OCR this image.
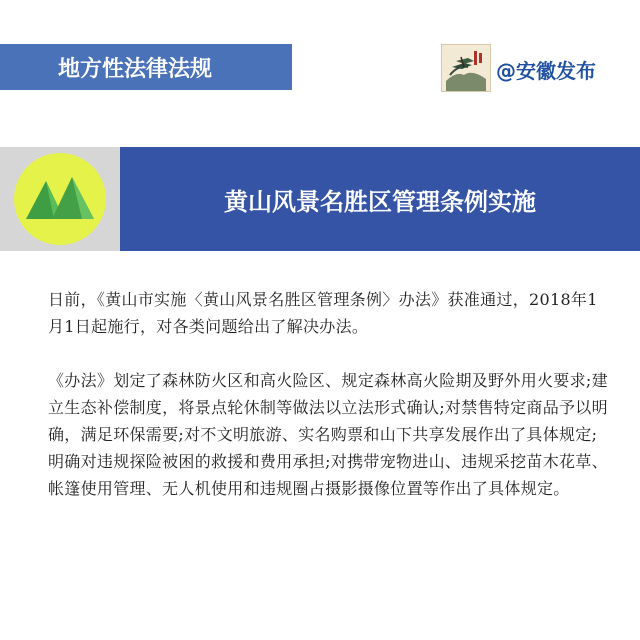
地方性法律法规	@安徽发布
黄山风景名胜区管理条例实施

日前，《黄山市实施〈黄山风景名胜区管理条例〉办法》获准通过，2018年1月1日起施行，对各类问题给出了解决办法。

《办法》划定了森林防火区和高火险区、规定森林高火险期及野外用火要求;建立生态补偿制度，将景点轮休制等做法以立法形式确认;对禁售特定商品予以明确，满足环保需要;对不文明旅游、实名购票和山下共享发展作出了具体规定;明确对违规探险被困的救援和费用承担;对携带宠物进山、违规采挖苗木花草、帐篷使用管理、无人机使用和违规圈占摄影摄像位置等作出了具体规定。
